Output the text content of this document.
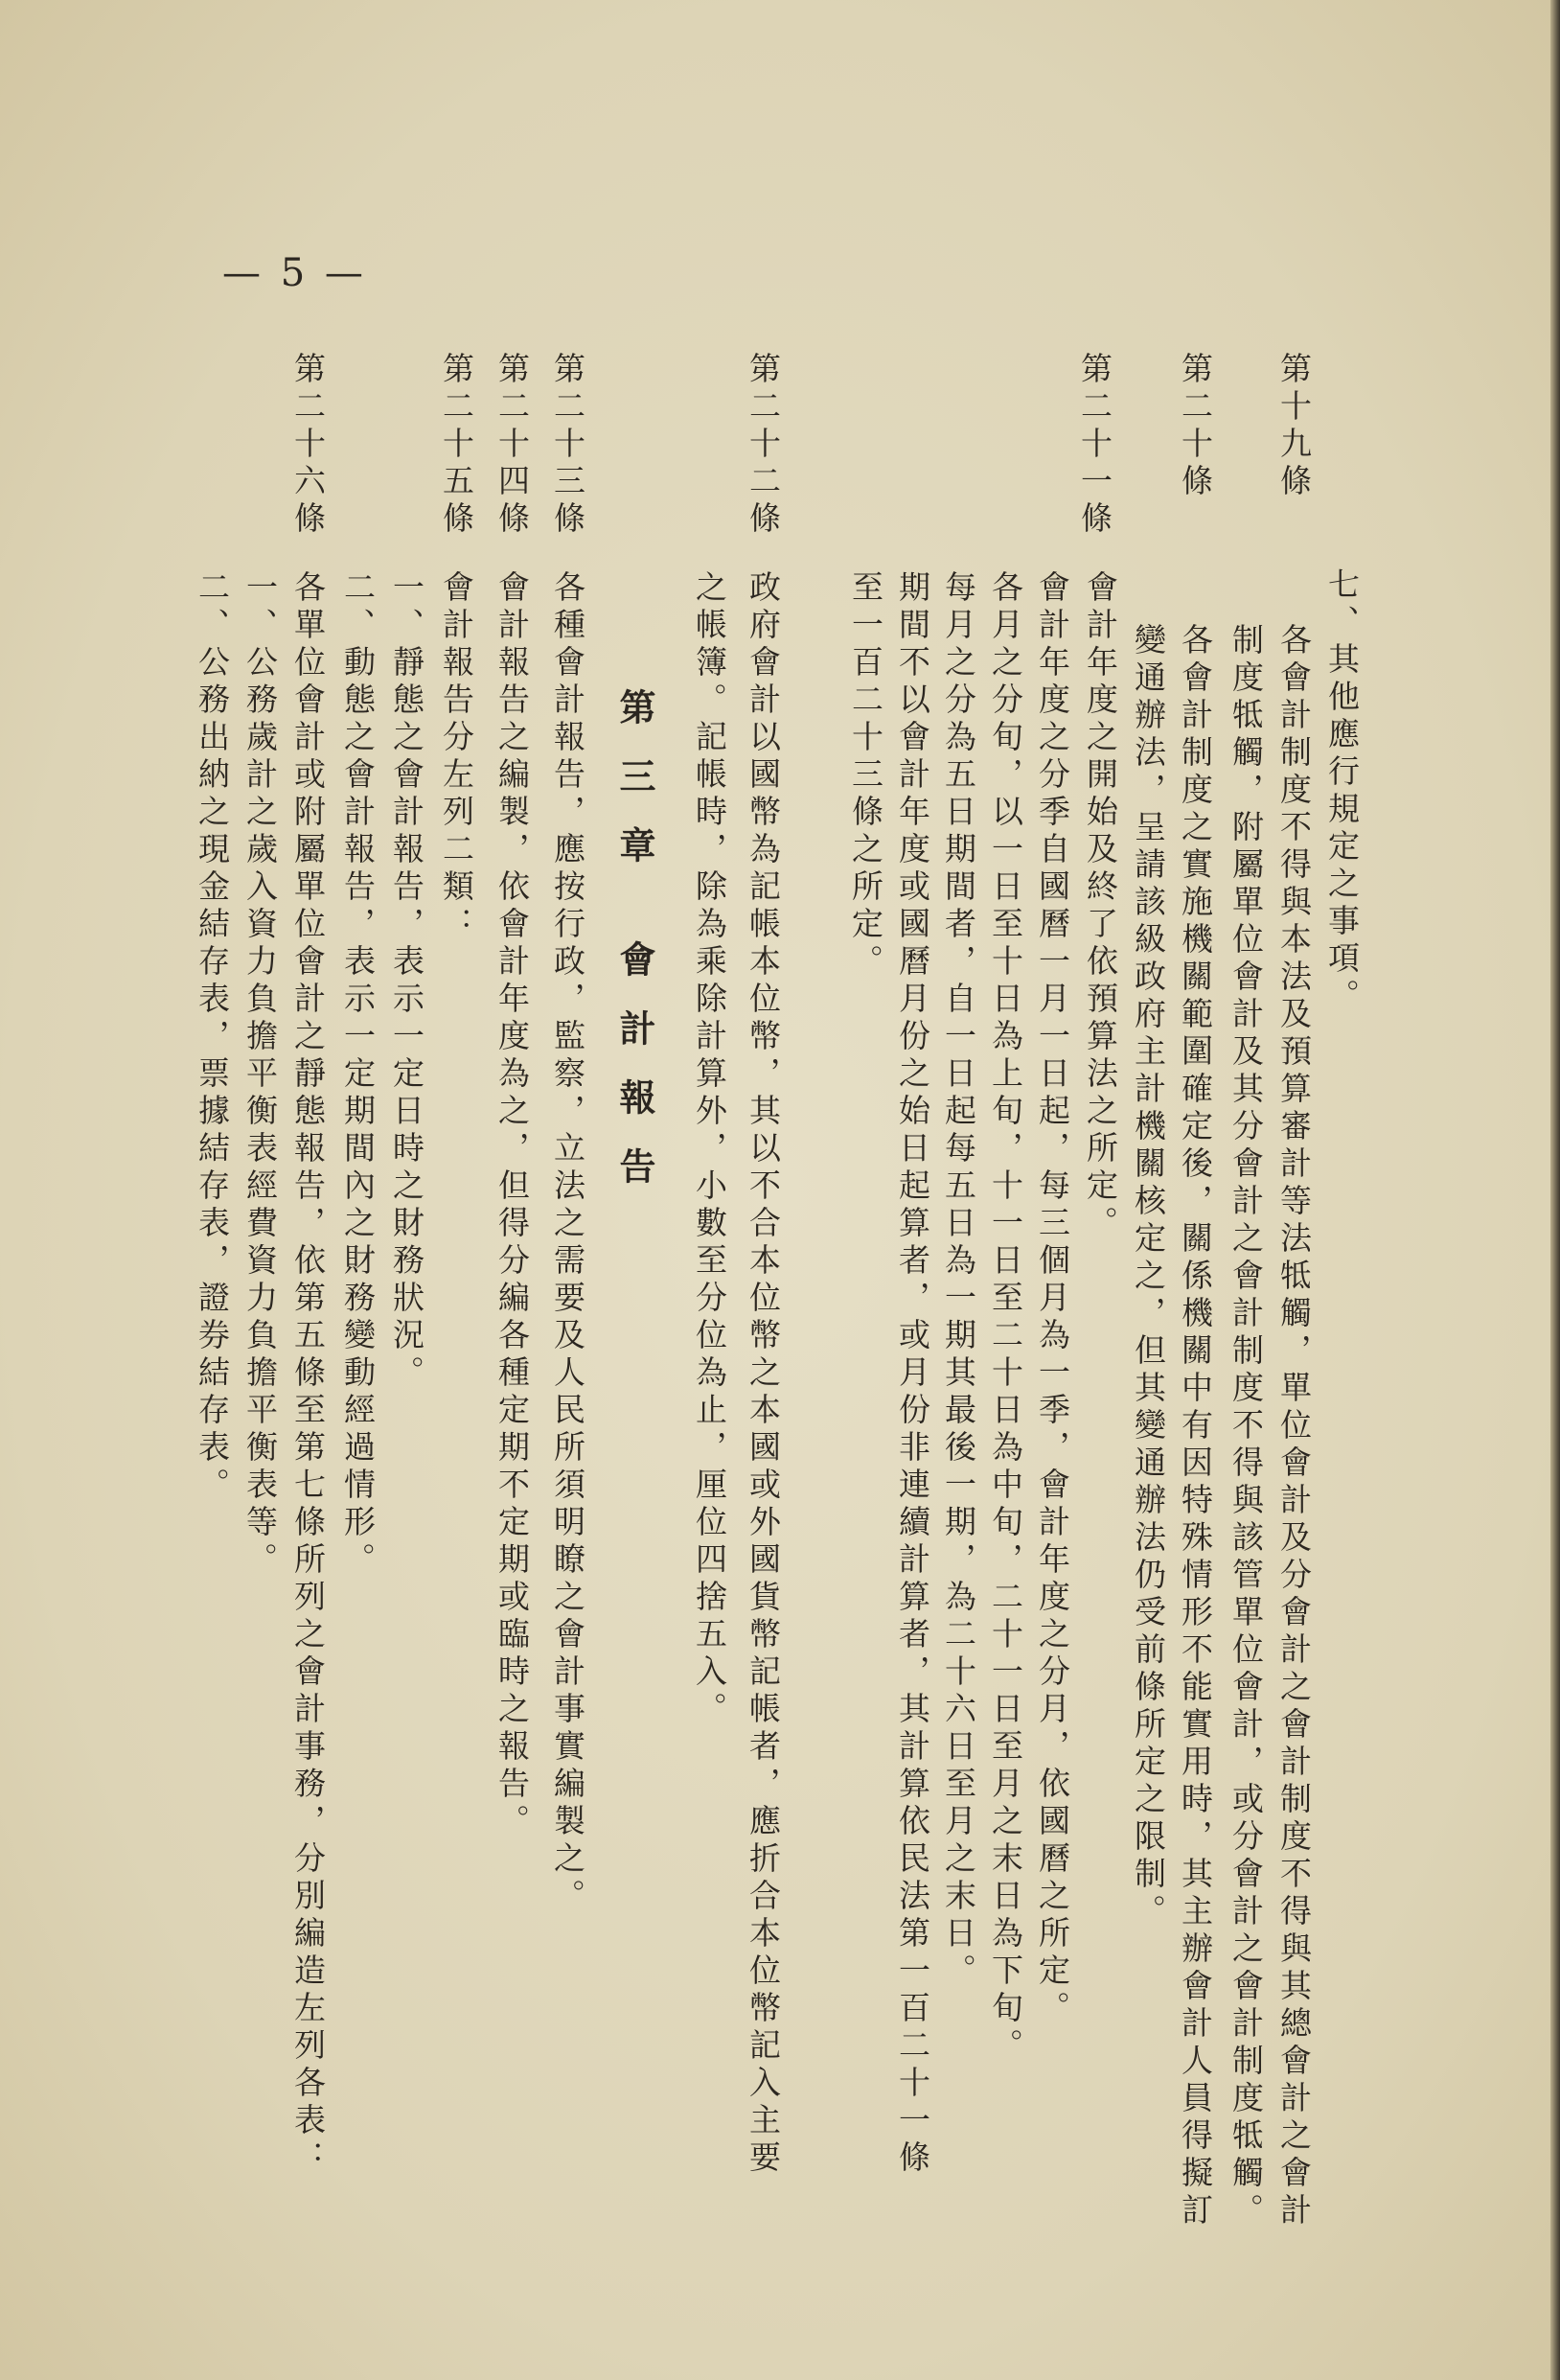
— 5 —
七、其他應行規定之事項。
第十九條
各會計制度不得與本法及預算審計等法牴觸，單位會計及分會計之會計制度不得與其總會計之會計
制度牴觸，附屬單位會計及其分會計之會計制度不得與該管單位會計，或分會計之會計制度牴觸。
第二十條
各會計制度之實施機關範圍確定後，關係機關中有因特殊情形不能實用時，其主辦會計人員得擬訂
變通辦法，呈請該級政府主計機關核定之，但其變通辦法仍受前條所定之限制。
第二十一條
會計年度之開始及終了依預算法之所定。
會計年度之分季自國曆一月一日起，每三個月為一季，會計年度之分月，依國曆之所定。
各月之分旬，以一日至十日為上旬，十一日至二十日為中旬，二十一日至月之末日為下旬。
每月之分為五日期間者，自一日起每五日為一期其最後一期，為二十六日至月之末日。
期間不以會計年度或國曆月份之始日起算者，或月份非連續計算者，其計算依民法第一百二十一條
至一百二十三條之所定。
第二十二條
政府會計以國幣為記帳本位幣，其以不合本位幣之本國或外國貨幣記帳者，應折合本位幣記入主要
之帳簿。記帳時，除為乘除計算外，小數至分位為止，厘位四捨五入。
第三章 會計報告
第二十三條
各種會計報告，應按行政，監察，立法之需要及人民所須明瞭之會計事實編製之。
第二十四條
會計報告之編製，依會計年度為之，但得分編各種定期不定期或臨時之報告。
第二十五條
會計報告分左列二類：
一、靜態之會計報告，表示一定日時之財務狀況。
二、動態之會計報告，表示一定期間內之財務變動經過情形。
第二十六條
各單位會計或附屬單位會計之靜態報告，依第五條至第七條所列之會計事務，分別編造左列各表：
一、公務歲計之歲入資力負擔平衡表經費資力負擔平衡表等。
二、公務出納之現金結存表，票據結存表，證券結存表。
